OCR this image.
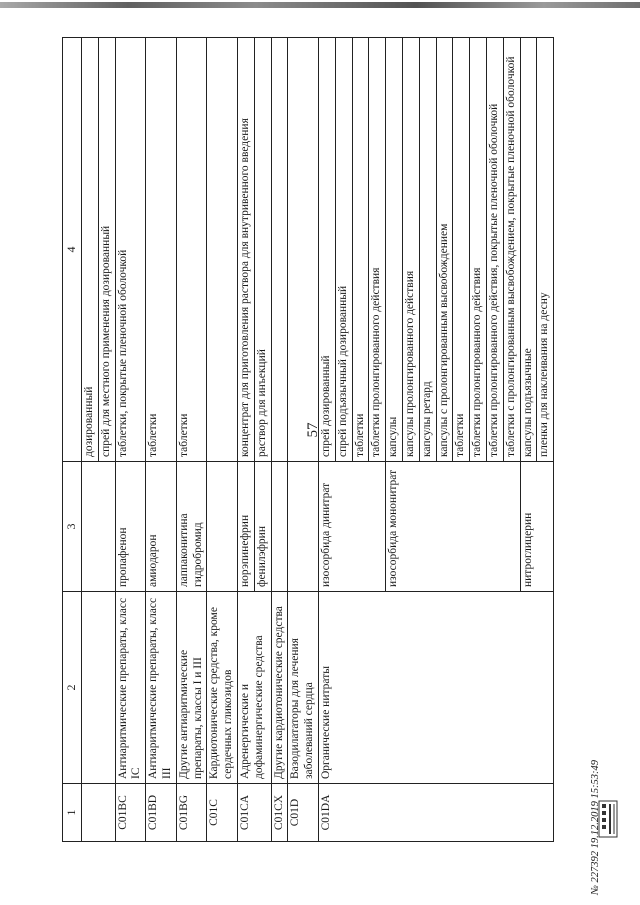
57
1	2	3	4
			дозированный
			спрей для местного применения дозированный
C01BC	Антиаритмические препараты, класс IC	пропафенон	таблетки, покрытые пленочной оболочкой
C01BD	Антиаритмические препараты, класс III	амиодарон	таблетки
C01BG	Другие антиаритмические препараты, классы I и III	лаппаконитина гидробромид	таблетки
C01C	Кардиотонические средства, кроме сердечных гликозидов		
C01CA	Адренергические и дофаминергические средства	норэпинефрин	концентрат для приготовления раствора для внутривенного введения
		фенилэфрин	раствор для инъекций
C01CX	Другие кардиотонические средства		
C01D	Вазодилататоры для лечения заболеваний сердца		
C01DA	Органические нитраты	изосорбида динитрат	спрей дозированный
			спрей подъязычный дозированный
			таблетки
			таблетки пролонгированного действия
		изосорбида мононитрат	капсулы
			капсулы пролонгированного действия
			капсулы ретард
			капсулы с пролонгированным высвобождением
			таблетки
			таблетки пролонгированного действия
			таблетки пролонгированного действия, покрытые пленочной оболочкой
			таблетки с пролонгированным высвобождением, покрытые пленочной оболочкой
		нитроглицерин	капсулы подъязычные
			пленки для наклеивания на десну
№ 227392 19.12.2019 15:53:49
